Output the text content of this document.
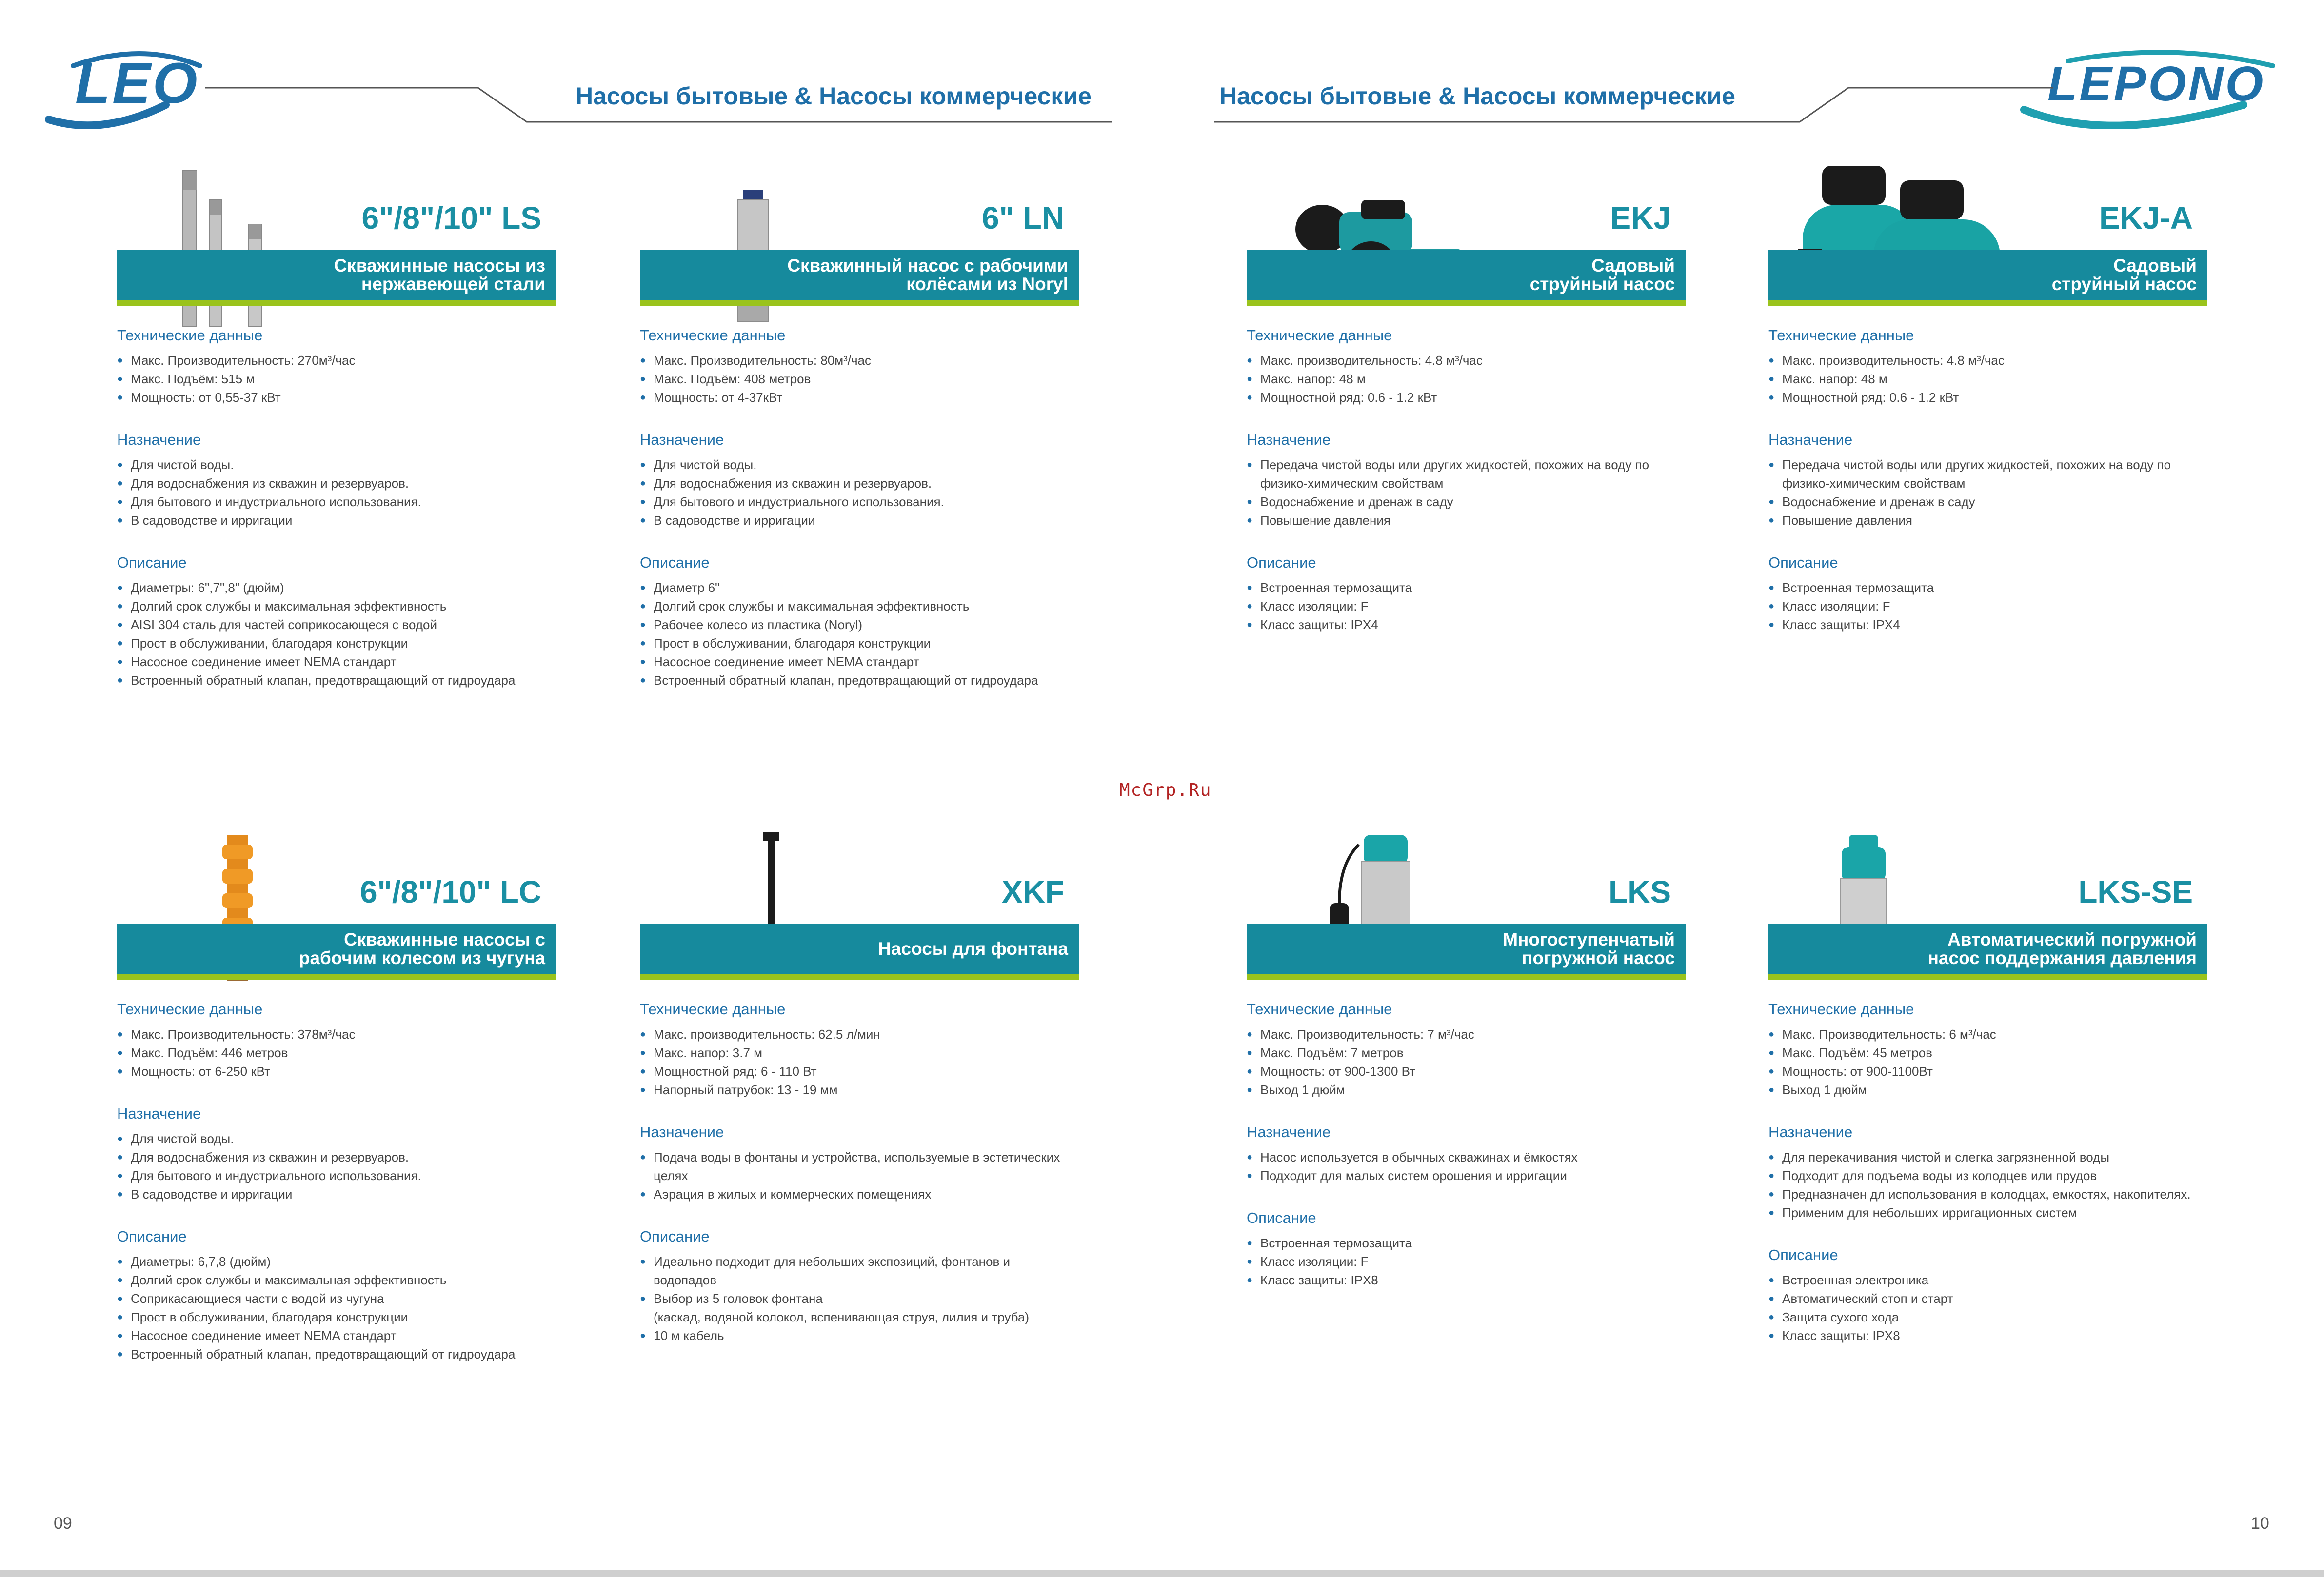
LEO	LEPONO
Насосы бытовые & Насосы коммерческие	Насосы бытовые & Насосы коммерческие
6"/8"/10" LS
Скважинные насосы из
нержавеющей стали
Технические данные
● Макс. Производительность: 270м³/час
● Макс. Подъём: 515 м
● Мощность: от 0,55-37 кВт
Назначение
● Для чистой воды.
● Для водоснабжения из скважин и резервуаров.
● Для бытового и индустриального использования.
● В садоводстве и ирригации
Описание
● Диаметры: 6",7",8" (дюйм)
● Долгий срок службы и максимальная эффективность
● AISI 304 сталь для частей соприкосающеся с водой
● Прост в обслуживании, благодаря конструкции
● Насосное соединение имеет NEMA стандарт
● Встроенный обратный клапан, предотвращающий от гидроудара
6" LN
Скважинный насос с рабочими
колёсами из Noryl
Технические данные
● Макс. Производительность: 80м³/час
● Макс. Подъём: 408 метров
● Мощность: от 4-37кВт
Назначение
● Для чистой воды.
● Для водоснабжения из скважин и резервуаров.
● Для бытового и индустриального использования.
● В садоводстве и ирригации
Описание
● Диаметр 6"
● Долгий срок службы и максимальная эффективность
● Рабочее колесо из пластика (Noryl)
● Прост в обслуживании, благодаря конструкции
● Насосное соединение имеет NEMA стандарт
● Встроенный обратный клапан, предотвращающий от гидроудара
EKJ
Садовый
струйный насос
Технические данные
● Макс. производительность: 4.8 м³/час
● Макс. напор: 48 м
● Мощностной ряд: 0.6 - 1.2 кВт
Назначение
● Передача чистой воды или других жидкостей, похожих на воду по
физико-химическим свойствам
● Водоснабжение и дренаж в саду
● Повышение давления
Описание
● Встроенная термозащита
● Класс изоляции: F
● Класс защиты: IPX4
EKJ-A
Садовый
струйный насос
Технические данные
● Макс. производительность: 4.8 м³/час
● Макс. напор: 48 м
● Мощностной ряд: 0.6 - 1.2 кВт
Назначение
● Передача чистой воды или других жидкостей, похожих на воду по
физико-химическим свойствам
● Водоснабжение и дренаж в саду
● Повышение давления
Описание
● Встроенная термозащита
● Класс изоляции: F
● Класс защиты: IPX4
6"/8"/10" LC
Скважинные насосы с
рабочим колесом из чугуна
Технические данные
● Макс. Производительность: 378м³/час
● Макс. Подъём: 446 метров
● Мощность: от 6-250 кВт
Назначение
● Для чистой воды.
● Для водоснабжения из скважин и резервуаров.
● Для бытового и индустриального использования.
● В садоводстве и ирригации
Описание
● Диаметры: 6,7,8 (дюйм)
● Долгий срок службы и максимальная эффективность
● Соприкасающиеся части с водой из чугуна
● Прост в обслуживании, благодаря конструкции
● Насосное соединение имеет NEMA стандарт
● Встроенный обратный клапан, предотвращающий от гидроудара
XKF
Насосы для фонтана
Технические данные
● Макс. производительность: 62.5 л/мин
● Макс. напор: 3.7 м
● Мощностной ряд: 6 - 110 Вт
● Напорный патрубок: 13 - 19 мм
Назначение
● Подача воды в фонтаны и устройства, используемые в эстетических
целях
● Аэрация в жилых и коммерческих помещениях
Описание
● Идеально подходит для небольших экспозиций, фонтанов и
водопадов
● Выбор из 5 головок фонтана
(каскад, водяной колокол, вспенивающая струя, лилия и труба)
● 10 м кабель
LKS
Многоступенчатый
погружной насос
Технические данные
● Макс. Производительность: 7 м³/час
● Макс. Подъём: 7 метров
● Мощность: от 900-1300 Вт
● Выход 1 дюйм
Назначение
● Насос используется в обычных скважинах и ёмкостях
● Подходит для малых систем орошения и ирригации
Описание
● Встроенная термозащита
● Класс изоляции: F
● Класс защиты: IPX8
LKS-SE
Автоматический погружной
насос поддержания давления
Технические данные
● Макс. Производительность: 6 м³/час
● Макс. Подъём: 45 метров
● Мощность: от 900-1100Вт
● Выход 1 дюйм
Назначение
● Для перекачивания чистой и слегка загрязненной воды
● Подходит для подъема воды из колодцев или прудов
● Предназначен дл использования в колодцах, емкостях, накопителях.
● Применим для небольших ирригационных систем
Описание
● Встроенная электроника
● Автоматический стоп и старт
● Защита сухого хода
● Класс защиты: IPX8
McGrp.Ru
09	10
